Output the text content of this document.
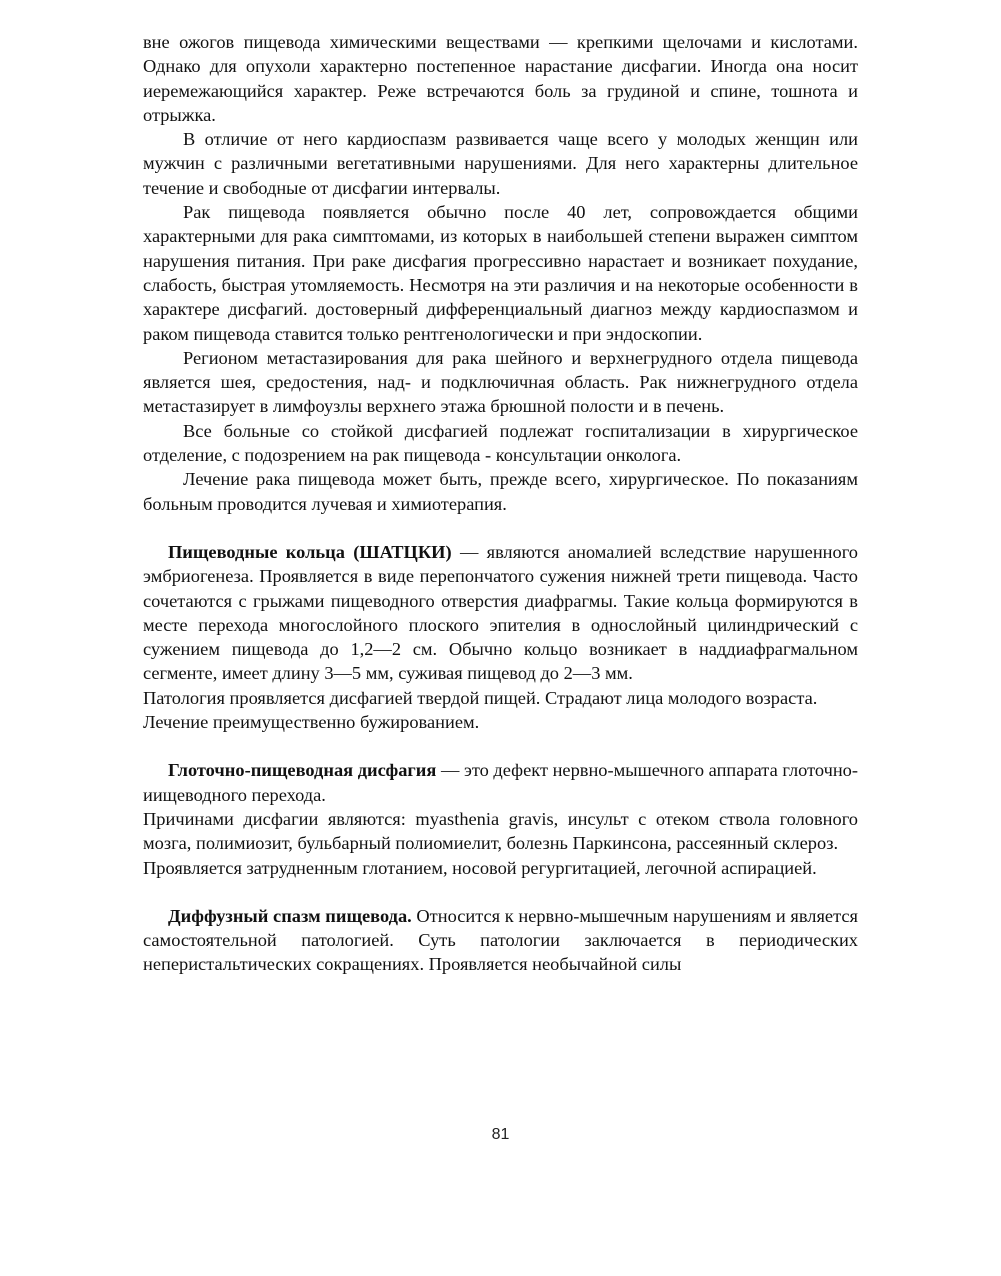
вне ожогов пищевода химическими веществами — крепкими щелочами и кислотами. Однако для опухоли характерно постепенное нарастание дисфагии. Иногда она носит иеремежающийся характер. Реже встречаются боль за грудиной и спине, тошнота и отрыжка.

В отличие от него кардиоспазм развивается чаще всего у молодых женщин или мужчин с различными вегетативными нарушениями. Для него характерны длительное течение и свободные от дисфагии интервалы.

Рак пищевода появляется обычно после 40 лет, сопровождается общими характерными для рака симптомами, из которых в наибольшей степени выражен симптом нарушения питания. При раке дисфагия прогрессивно нарастает и возникает похудание, слабость, быстрая утомляемость. Несмотря на эти различия и на некоторые особенности в характере дисфагий. достоверный дифференциальный диагноз между кардиоспазмом и раком пищевода ставится только рентгенологически и при эндоскопии.

Регионом метастазирования для рака шейного и верхнегрудного отдела пищевода является шея, средостения, над- и подключичная область. Рак нижнегрудного отдела метастазирует в лимфоузлы верхнего этажа брюшной полости и в печень.

Все больные со стойкой дисфагией подлежат госпитализации в хирургическое отделение, с подозрением на рак пищевода - консультации онколога.

Лечение рака пищевода может быть, прежде всего, хирургическое. По показаниям больным проводится лучевая и химиотерапия.

Пищеводные кольца (ШАТЦКИ) — являются аномалией вследствие нарушенного эмбриогенеза. Проявляется в виде перепончатого сужения нижней трети пищевода. Часто сочетаются с грыжами пищеводного отверстия диафрагмы. Такие кольца формируются в месте перехода многослойного плоского эпителия в однослойный цилиндрический с сужением пищевода до 1,2—2 см. Обычно кольцо возникает в наддиафрагмальном сегменте, имеет длину 3—5 мм, суживая пищевод до 2—3 мм.

Патология проявляется дисфагией твердой пищей. Страдают лица молодого возраста.

Лечение преимущественно бужированием.

Глоточно-пищеводная дисфагия — это дефект нервно-мышечного аппарата глоточно-иищеводного перехода.

Причинами дисфагии являются: myasthenia gravis, инсульт с отеком ствола головного мозга, полимиозит, бульбарный полиомиелит, болезнь Паркинсона, рассеянный склероз.

Проявляется затрудненным глотанием, носовой регургитацией, легочной аспирацией.

Диффузный спазм пищевода. Относится к нервно-мышечным нарушениям и является самостоятельной патологией. Суть патологии заключается в периодических неперистальтических сокращениях. Проявляется необычайной силы

81
